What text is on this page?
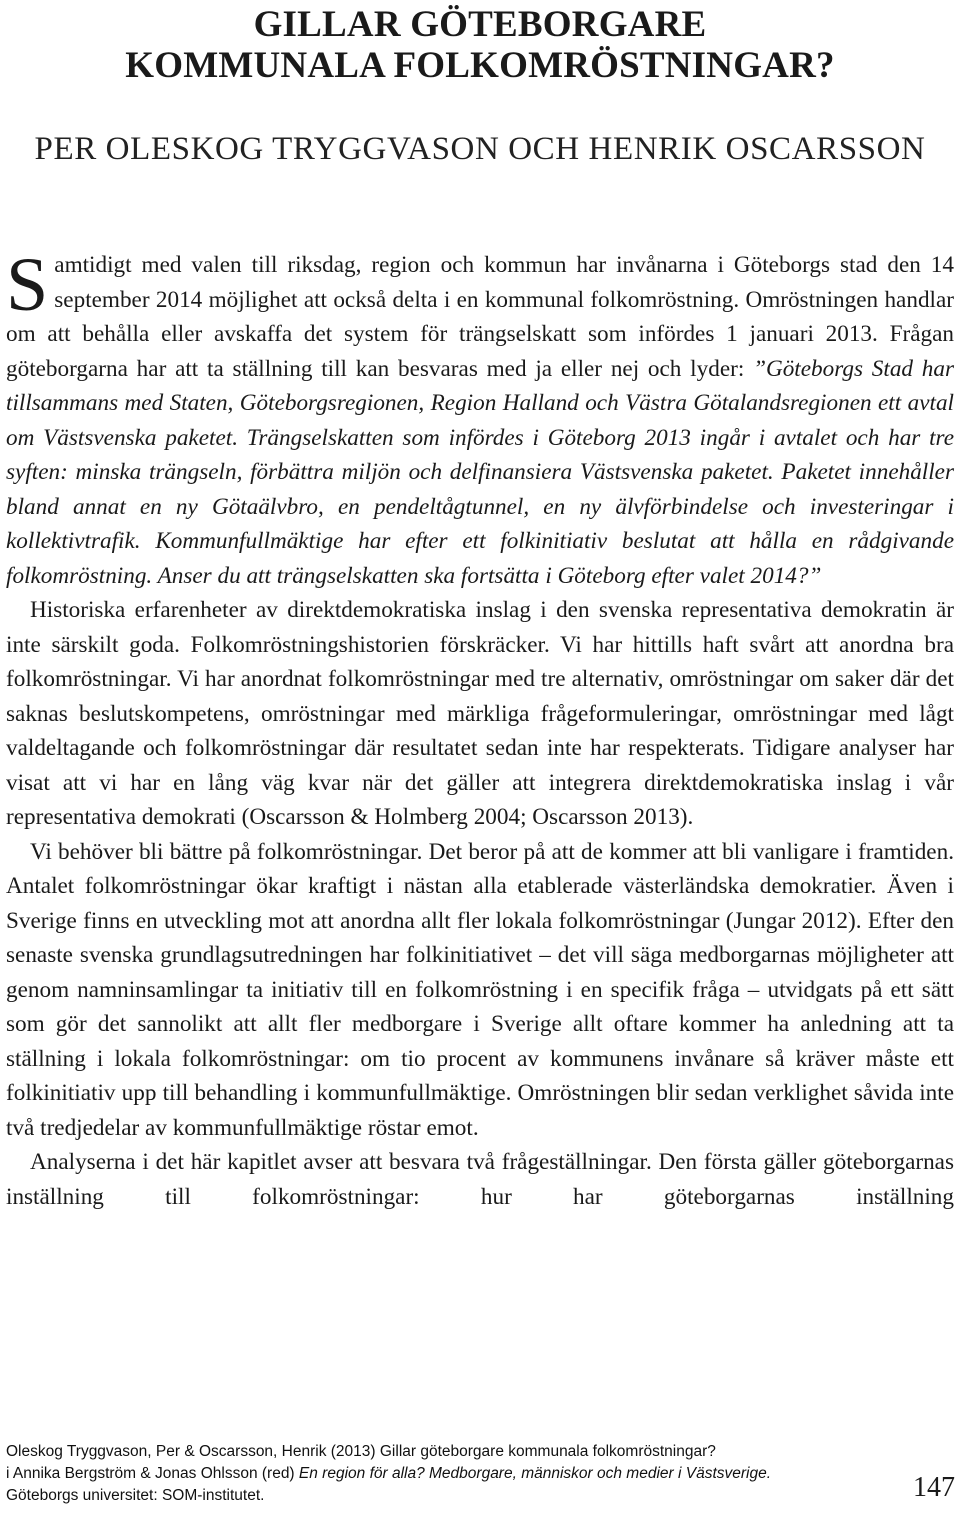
GILLAR GÖTEBORGARE
KOMMUNALA FOLKOMRÖSTNINGAR?
PER OLESKOG TRYGGVASON OCH HENRIK OSCARSSON

Samtidigt med valen till riksdag, region och kommun har invånarna i Göteborgs stad den 14 september 2014 möjlighet att också delta i en kommunal folkomröstning. Omröstningen handlar om att behålla eller avskaffa det system för trängselskatt som infördes 1 januari 2013. Frågan göteborgarna har att ta ställning till kan besvaras med ja eller nej och lyder: ”Göteborgs Stad har tillsammans med Staten, Göteborgsregionen, Region Halland och Västra Götalandsregionen ett avtal om Västsvenska paketet. Trängselskatten som infördes i Göteborg 2013 ingår i avtalet och har tre syften: minska trängseln, förbättra miljön och delfinansiera Västsvenska paketet. Paketet innehåller bland annat en ny Götaälvbro, en pendeltågtunnel, en ny älvförbindelse och investeringar i kollektivtrafik. Kommunfullmäktige har efter ett folkinitiativ beslutat att hålla en rådgivande folkomröstning. Anser du att trängselskatten ska fortsätta i Göteborg efter valet 2014?”

Historiska erfarenheter av direktdemokratiska inslag i den svenska representativa demokratin är inte särskilt goda. Folkomröstningshistorien förskräcker. Vi har hittills haft svårt att anordna bra folkomröstningar. Vi har anordnat folkomröstningar med tre alternativ, omröstningar om saker där det saknas beslutskompetens, omröstningar med märkliga frågeformuleringar, omröstningar med lågt valdeltagande och folkomröstningar där resultatet sedan inte har respekterats. Tidigare analyser har visat att vi har en lång väg kvar när det gäller att integrera direktdemokratiska inslag i vår representativa demokrati (Oscarsson & Holmberg 2004; Oscarsson 2013).

Vi behöver bli bättre på folkomröstningar. Det beror på att de kommer att bli vanligare i framtiden. Antalet folkomröstningar ökar kraftigt i nästan alla etablerade västerländska demokratier. Även i Sverige finns en utveckling mot att anordna allt fler lokala folkomröstningar (Jungar 2012). Efter den senaste svenska grundlagsutredningen har folkinitiativet – det vill säga medborgarnas möjligheter att genom namninsamlingar ta initiativ till en folkomröstning i en specifik fråga – utvidgats på ett sätt som gör det sannolikt att allt fler medborgare i Sverige allt oftare kommer ha anledning att ta ställning i lokala folkomröstningar: om tio procent av kommunens invånare så kräver måste ett folkinitiativ upp till behandling i kommunfullmäktige. Omröstningen blir sedan verklighet såvida inte två tredjedelar av kommunfullmäktige röstar emot.

Analyserna i det här kapitlet avser att besvara två frågeställningar. Den första gäller göteborgarnas inställning till folkomröstningar: hur har göteborgarnas inställning

Oleskog Tryggvason, Per & Oscarsson, Henrik (2013) Gillar göteborgare kommunala folkomröstningar?
i Annika Bergström & Jonas Ohlsson (red) En region för alla? Medborgare, människor och medier i Västsverige.
Göteborgs universitet: SOM-institutet.	147
